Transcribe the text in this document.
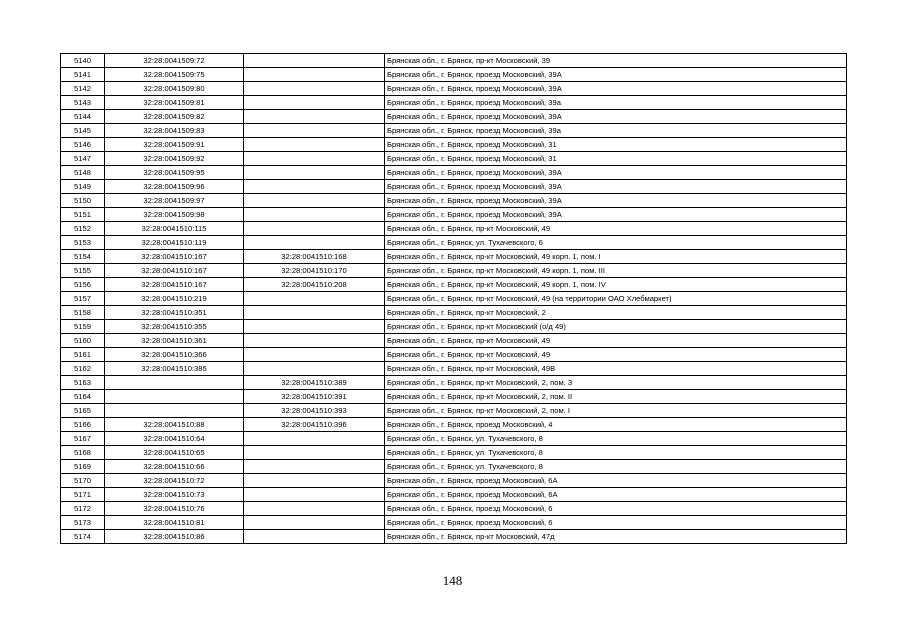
5140	32:28:0041509:72		Брянская обл., г. Брянск, пр-кт Московский, 39
5141	32:28:0041509:75		Брянская обл., г. Брянск, проезд Московский, 39А
5142	32:28:0041509:80		Брянская обл., г. Брянск, проезд Московский, 39А
5143	32:28:0041509:81		Брянская обл., г. Брянск, проезд Московский, 39а
5144	32:28:0041509:82		Брянская обл., г. Брянск, проезд Московский, 39А
5145	32:28:0041509:83		Брянская обл., г. Брянск, проезд Московский, 39а
5146	32:28:0041509:91		Брянская обл., г. Брянск, проезд Московский, 31
5147	32:28:0041509:92		Брянская обл., г. Брянск, проезд Московский, 31
5148	32:28:0041509:95		Брянская обл., г. Брянск, проезд Московский, 39А
5149	32:28:0041509:96		Брянская обл., г. Брянск, проезд Московский, 39А
5150	32:28:0041509:97		Брянская обл., г. Брянск, проезд Московский, 39А
5151	32:28:0041509:98		Брянская обл., г. Брянск, проезд Московский, 39А
5152	32:28:0041510:115		Брянская обл., г. Брянск, пр-кт Московский, 49
5153	32:28:0041510:119		Брянская обл., г. Брянск, ул. Тухачевского, 6
5154	32:28:0041510:167	32:28:0041510:168	Брянская обл., г. Брянск, пр-кт Московский, 49 корп. 1, пом. I
5155	32:28:0041510:167	32:28:0041510:170	Брянская обл., г. Брянск, пр-кт Московский, 49 корп. 1, пом. III
5156	32:28:0041510:167	32:28:0041510:208	Брянская обл., г. Брянск, пр-кт Московский, 49 корп. 1, пом. IV
5157	32:28:0041510:219		Брянская обл., г. Брянск, пр-кт Московский, 49 (на территории ОАО Хлебмаркет)
5158	32:28:0041510:351		Брянская обл., г. Брянск, пр-кт Московский, 2
5159	32:28:0041510:355		Брянская обл., г. Брянск, пр-кт Московский (о/д 49)
5160	32:28:0041510:361		Брянская обл., г. Брянск, пр-кт Московский, 49
5161	32:28:0041510:366		Брянская обл., г. Брянск, пр-кт Московский, 49
5162	32:28:0041510:385		Брянская обл., г. Брянск, пр-кт Московский, 49В
5163		32:28:0041510:389	Брянская обл., г. Брянск, пр-кт Московский, 2, пом. 3
5164		32:28:0041510:391	Брянская обл., г. Брянск, пр-кт Московский, 2, пом. II
5165		32:28:0041510:393	Брянская обл., г. Брянск, пр-кт Московский, 2, пом. I
5166	32:28:0041510:88	32:28:0041510:396	Брянская обл., г. Брянск, проезд Московский, 4
5167	32:28:0041510:64		Брянская обл., г. Брянск, ул. Тухачевского, 8
5168	32:28:0041510:65		Брянская обл., г. Брянск, ул. Тухачевского, 8
5169	32:28:0041510:66		Брянская обл., г. Брянск, ул. Тухачевского, 8
5170	32:28:0041510:72		Брянская обл., г. Брянск, проезд Московский, 6А
5171	32:28:0041510:73		Брянская обл., г. Брянск, проезд Московский, 6А
5172	32:28:0041510:76		Брянская обл., г. Брянск, проезд Московский, 6
5173	32:28:0041510:81		Брянская обл., г. Брянск, проезд Московский, 6
5174	32:28:0041510:86		Брянская обл., г. Брянск, пр-кт Московский, 47д
148
